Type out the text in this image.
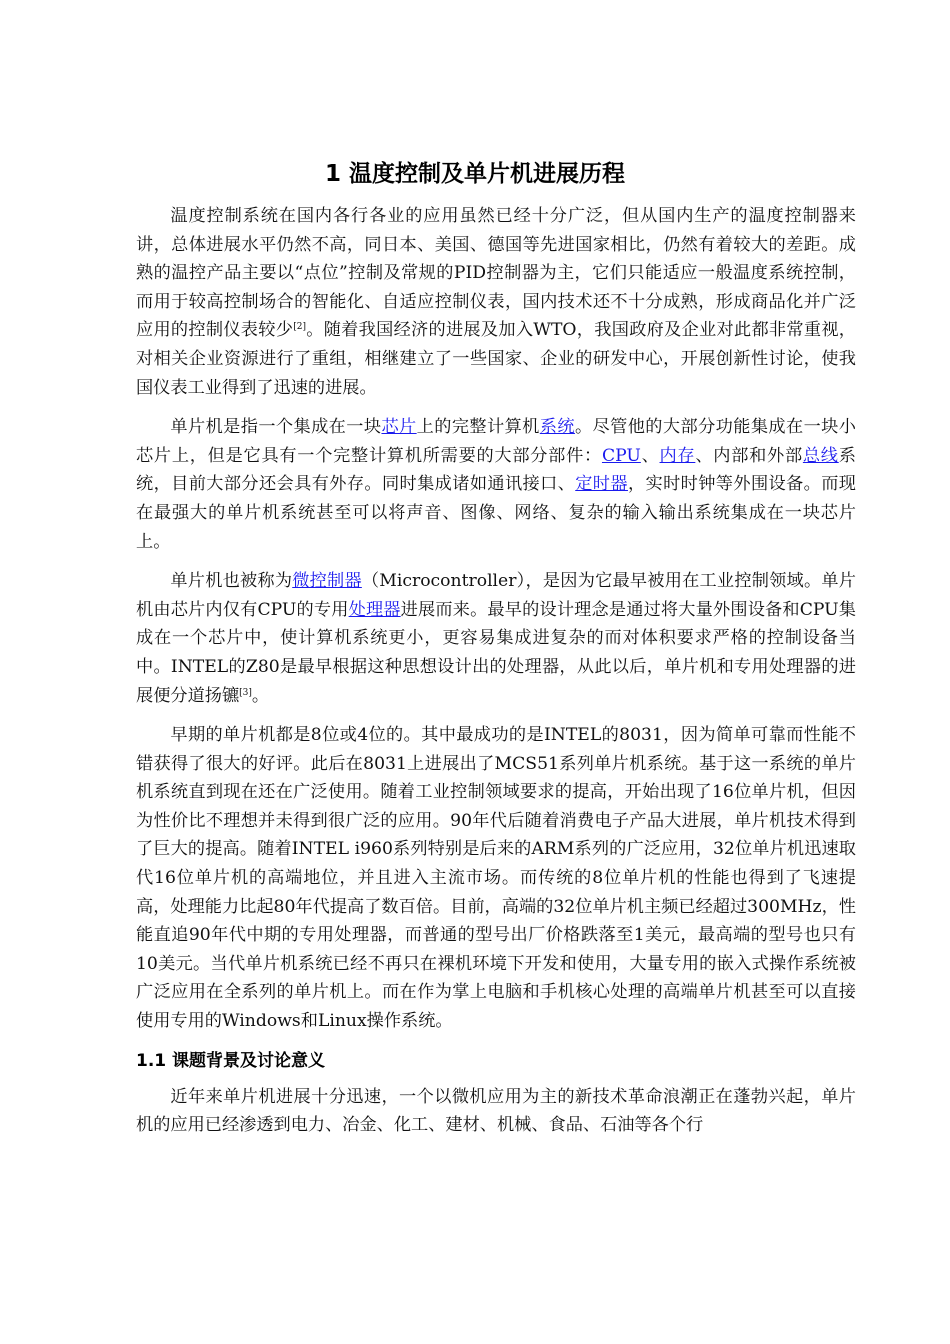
1 温度控制及单片机进展历程

温度控制系统在国内各行各业的应用虽然已经十分广泛，但从国内生产的温度控制器来讲，总体进展水平仍然不高，同日本、美国、德国等先进国家相比，仍然有着较大的差距。成熟的温控产品主要以“点位”控制及常规的PID控制器为主，它们只能适应一般温度系统控制，而用于较高控制场合的智能化、自适应控制仪表，国内技术还不十分成熟，形成商品化并广泛应用的控制仪表较少[2]。随着我国经济的进展及加入WTO，我国政府及企业对此都非常重视，对相关企业资源进行了重组，相继建立了一些国家、企业的研发中心，开展创新性讨论，使我国仪表工业得到了迅速的进展。

单片机是指一个集成在一块芯片上的完整计算机系统。尽管他的大部分功能集成在一块小芯片上，但是它具有一个完整计算机所需要的大部分部件：CPU、内存、内部和外部总线系统，目前大部分还会具有外存。同时集成诸如通讯接口、定时器，实时时钟等外围设备。而现在最强大的单片机系统甚至可以将声音、图像、网络、复杂的输入输出系统集成在一块芯片上。

单片机也被称为微控制器（Microcontroller），是因为它最早被用在工业控制领域。单片机由芯片内仅有CPU的专用处理器进展而来。最早的设计理念是通过将大量外围设备和CPU集成在一个芯片中，使计算机系统更小，更容易集成进复杂的而对体积要求严格的控制设备当中。INTEL的Z80是最早根据这种思想设计出的处理器，从此以后，单片机和专用处理器的进展便分道扬镳[3]。

早期的单片机都是8位或4位的。其中最成功的是INTEL的8031，因为简单可靠而性能不错获得了很大的好评。此后在8031上进展出了MCS51系列单片机系统。基于这一系统的单片机系统直到现在还在广泛使用。随着工业控制领域要求的提高，开始出现了16位单片机，但因为性价比不理想并未得到很广泛的应用。90年代后随着消费电子产品大进展，单片机技术得到了巨大的提高。随着INTEL i960系列特别是后来的ARM系列的广泛应用，32位单片机迅速取代16位单片机的高端地位，并且进入主流市场。而传统的8位单片机的性能也得到了飞速提高，处理能力比起80年代提高了数百倍。目前，高端的32位单片机主频已经超过300MHz，性能直追90年代中期的专用处理器，而普通的型号出厂价格跌落至1美元，最高端的型号也只有10美元。当代单片机系统已经不再只在裸机环境下开发和使用，大量专用的嵌入式操作系统被广泛应用在全系列的单片机上。而在作为掌上电脑和手机核心处理的高端单片机甚至可以直接使用专用的Windows和Linux操作系统。

1.1 课题背景及讨论意义

近年来单片机进展十分迅速，一个以微机应用为主的新技术革命浪潮正在蓬勃兴起，单片机的应用已经渗透到电力、冶金、化工、建材、机械、食品、石油等各个行
